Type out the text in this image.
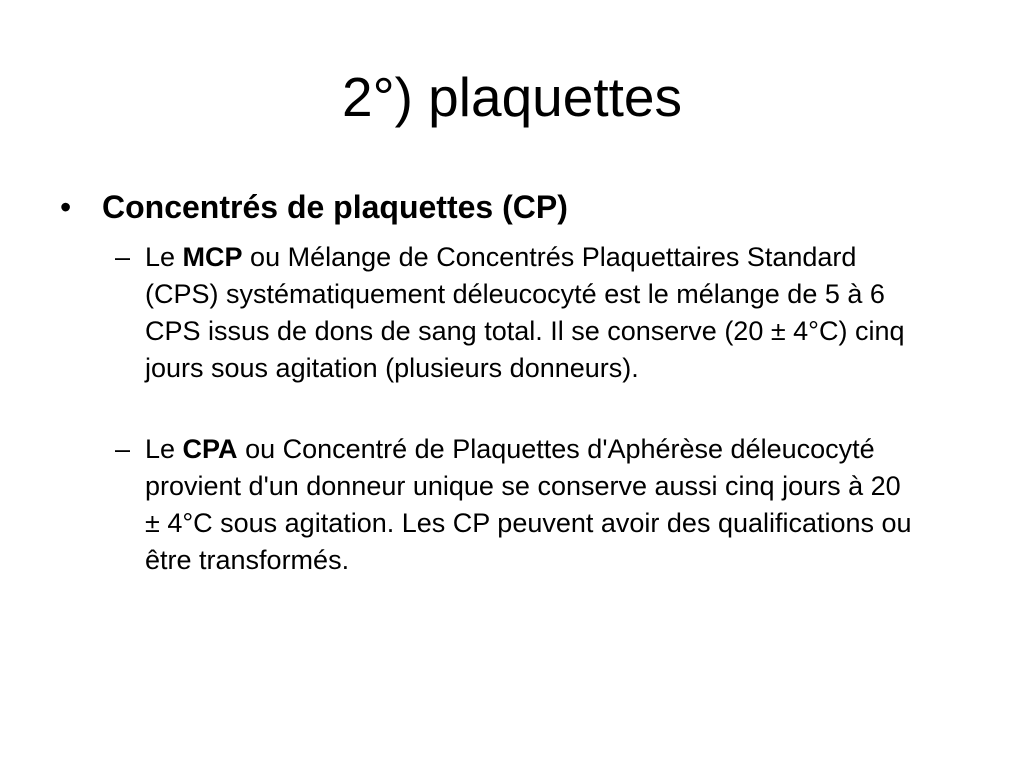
2°) plaquettes
• Concentrés de plaquettes (CP)
– Le MCP ou Mélange de Concentrés Plaquettaires Standard (CPS) systématiquement déleucocyté est le mélange de 5 à 6 CPS issus de dons de sang total. Il se conserve (20 ± 4°C) cinq jours sous agitation (plusieurs donneurs).
– Le CPA ou Concentré de Plaquettes d'Aphérèse déleucocyté provient d'un donneur unique se conserve aussi cinq jours à 20 ± 4°C sous agitation. Les CP peuvent avoir des qualifications ou être transformés.
